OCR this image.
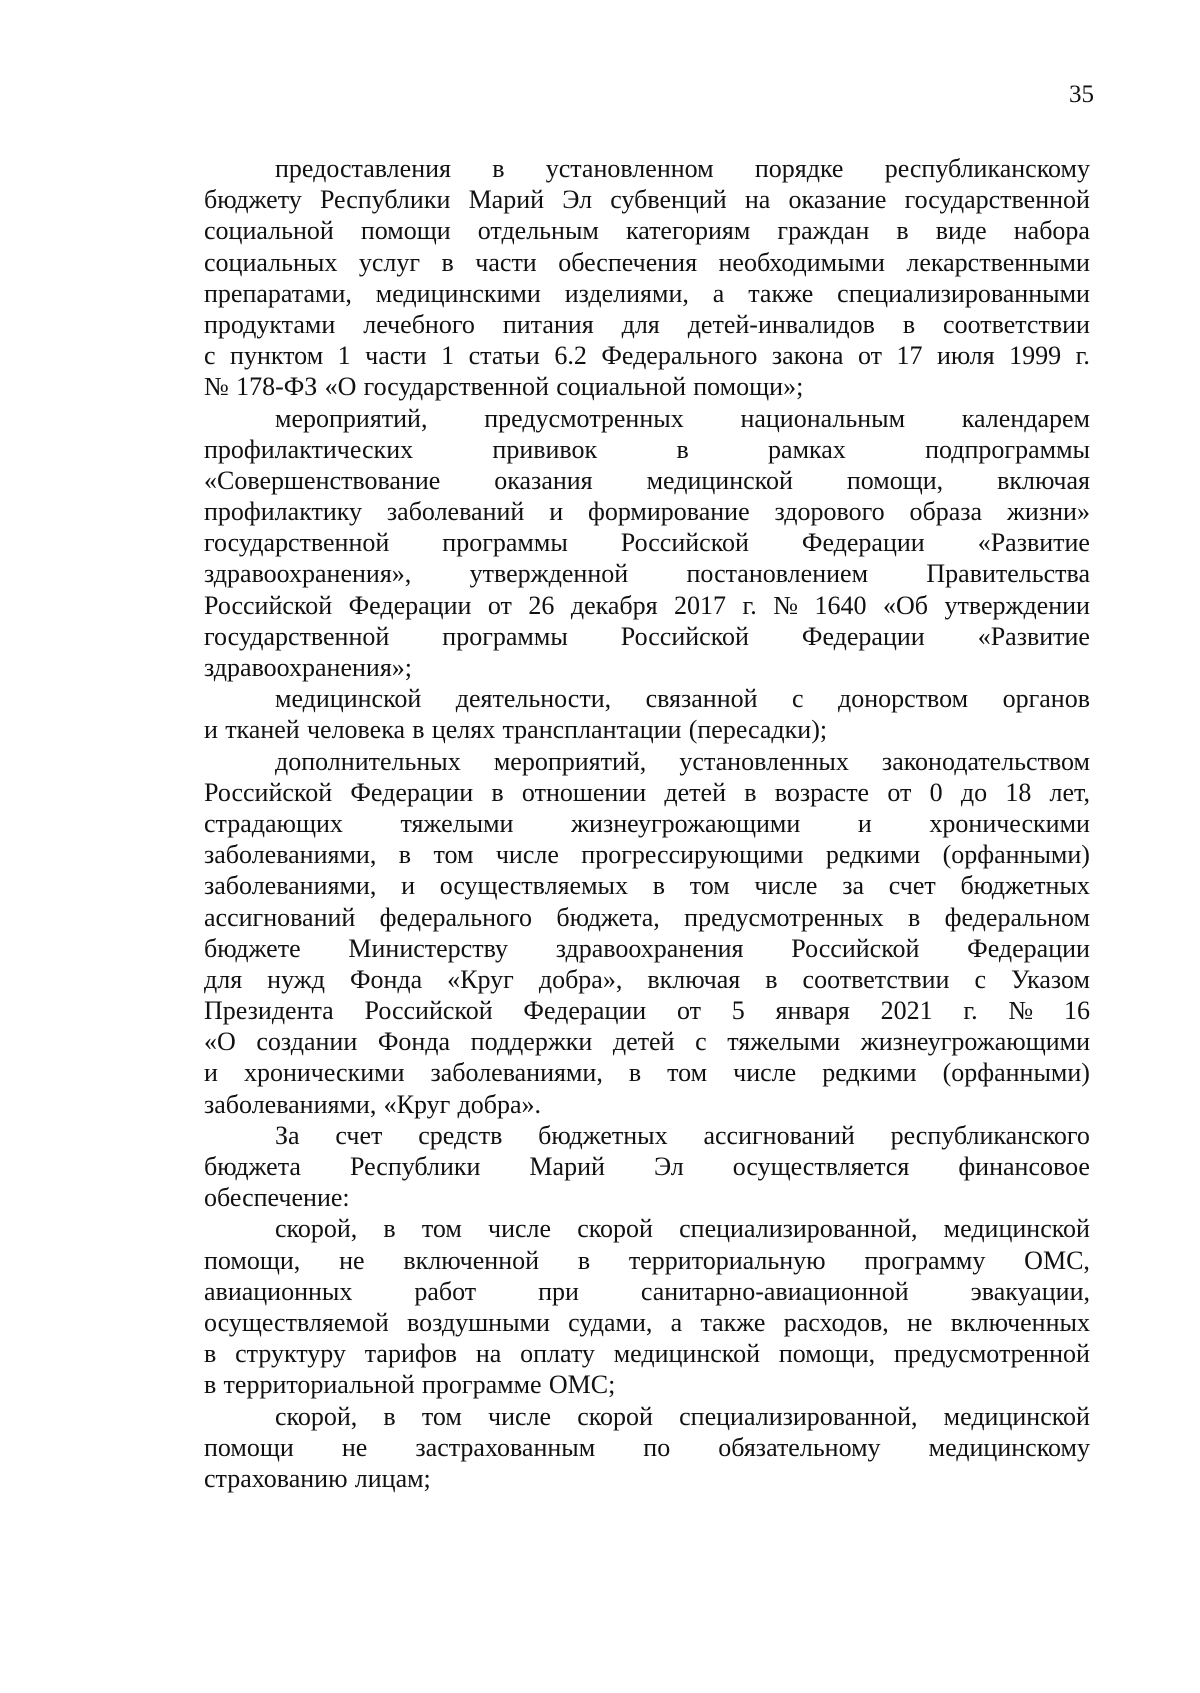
35
предоставления в установленном порядке республиканскому
бюджету Республики Марий Эл субвенций на оказание государственной
социальной помощи отдельным категориям граждан в виде набора
социальных услуг в части обеспечения необходимыми лекарственными
препаратами, медицинскими изделиями, а также специализированными
продуктами лечебного питания для детей-инвалидов в соответствии
с пунктом 1 части 1 статьи 6.2 Федерального закона от 17 июля 1999 г.
№ 178-ФЗ «О государственной социальной помощи»;
мероприятий, предусмотренных национальным календарем
профилактических	прививок	в	рамках	подпрограммы
«Совершенствование оказания медицинской помощи, включая
профилактику заболеваний и формирование здорового образа жизни»
государственной программы Российской Федерации «Развитие
здравоохранения», утвержденной постановлением Правительства
Российской Федерации от 26 декабря 2017 г. № 1640 «Об утверждении
государственной программы Российской Федерации «Развитие
здравоохранения»;
медицинской деятельности, связанной с донорством органов
и тканей человека в целях трансплантации (пересадки);
дополнительных мероприятий, установленных законодательством
Российской Федерации в отношении детей в возрасте от 0 до 18 лет,
страдающих тяжелыми жизнеугрожающими и хроническими
заболеваниями, в том числе прогрессирующими редкими (орфанными)
заболеваниями, и осуществляемых в том числе за счет бюджетных
ассигнований федерального бюджета, предусмотренных в федеральном
бюджете Министерству здравоохранения Российской Федерации
для нужд Фонда «Круг добра», включая в соответствии с Указом
Президента Российской Федерации от 5 января 2021 г. № 16
«О создании Фонда поддержки детей с тяжелыми жизнеугрожающими
и хроническими заболеваниями, в том числе редкими (орфанными)
заболеваниями, «Круг добра».
За счет средств бюджетных ассигнований республиканского
бюджета Республики Марий Эл осуществляется финансовое
обеспечение:
скорой, в том числе скорой специализированной, медицинской
помощи, не включенной в территориальную программу ОМС,
авиационных работ при санитарно-авиационной эвакуации,
осуществляемой воздушными судами, а также расходов, не включенных
в структуру тарифов на оплату медицинской помощи, предусмотренной
в территориальной программе ОМС;
скорой, в том числе скорой специализированной, медицинской
помощи не застрахованным по обязательному медицинскому
страхованию лицам;
